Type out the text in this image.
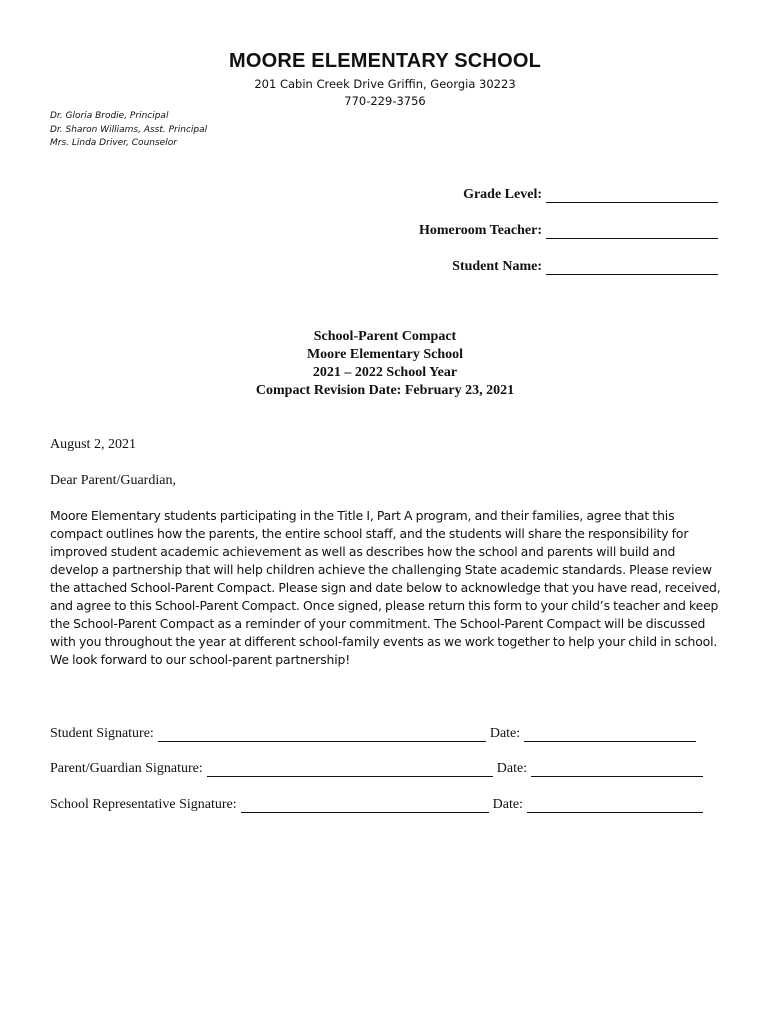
MOORE ELEMENTARY SCHOOL
201 Cabin Creek Drive Griffin, Georgia 30223
770-229-3756
Dr. Gloria Brodie, Principal
Dr. Sharon Williams, Asst. Principal
Mrs. Linda Driver, Counselor
Grade Level:
Homeroom Teacher:
Student Name:
School-Parent Compact
Moore Elementary School
2021 – 2022 School Year
Compact Revision Date: February 23, 2021
August 2, 2021
Dear Parent/Guardian,
Moore Elementary students participating in the Title I, Part A program, and their families, agree that this compact outlines how the parents, the entire school staff, and the students will share the responsibility for improved student academic achievement as well as describes how the school and parents will build and develop a partnership that will help children achieve the challenging State academic standards. Please review the attached School-Parent Compact. Please sign and date below to acknowledge that you have read, received, and agree to this School-Parent Compact. Once signed, please return this form to your child’s teacher and keep the School-Parent Compact as a reminder of your commitment. The School-Parent Compact will be discussed with you throughout the year at different school-family events as we work together to help your child in school. We look forward to our school-parent partnership!
Student Signature:	Date:
Parent/Guardian Signature:	Date:
School Representative Signature:	Date:
